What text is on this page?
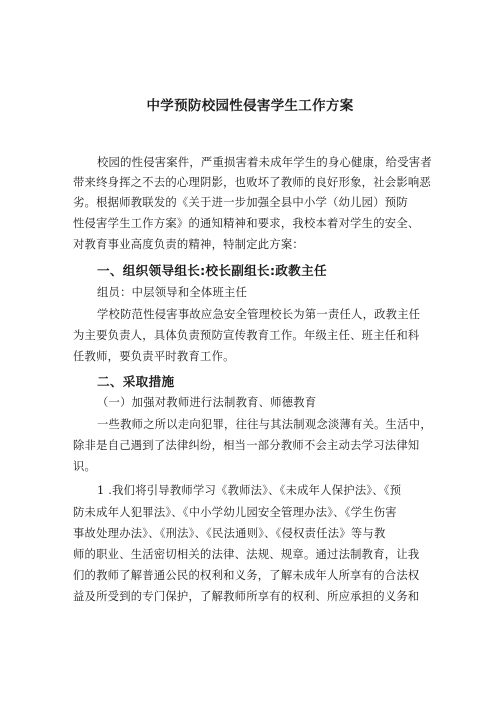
中学预防校园性侵害学生工作方案
校园的性侵害案件，严重损害着未成年学生的身心健康，给受害者
带来终身挥之不去的心理阴影，也败坏了教师的良好形象，社会影响恶
劣。根据师教联发的《关于进一步加强全县中小学（幼儿园）预防
性侵害学生工作方案》的通知精神和要求，我校本着对学生的安全、
对教育事业高度负责的精神，特制定此方案：
一、组织领导组长:校长副组长:政教主任
组员：中层领导和全体班主任
学校防范性侵害事故应急安全管理校长为第一责任人，政教主任
为主要负责人，具体负责预防宣传教育工作。年级主任、班主任和科
任教师，要负责平时教育工作。
二、采取措施
（一）加强对教师进行法制教育、师德教育
一些教师之所以走向犯罪，往往与其法制观念淡薄有关。生活中，
除非是自己遇到了法律纠纷，相当一部分教师不会主动去学习法律知
识。
1 .我们将引导教师学习《教师法》、《未成年人保护法》、《预
防未成年人犯罪法》、《中小学幼儿园安全管理办法》、《学生伤害
事故处理办法》、《刑法》、《民法通则》、《侵权责任法》等与教
师的职业、生活密切相关的法律、法规、规章。通过法制教育，让我
们的教师了解普通公民的权利和义务，了解未成年人所享有的合法权
益及所受到的专门保护，了解教师所享有的权利、所应承担的义务和
